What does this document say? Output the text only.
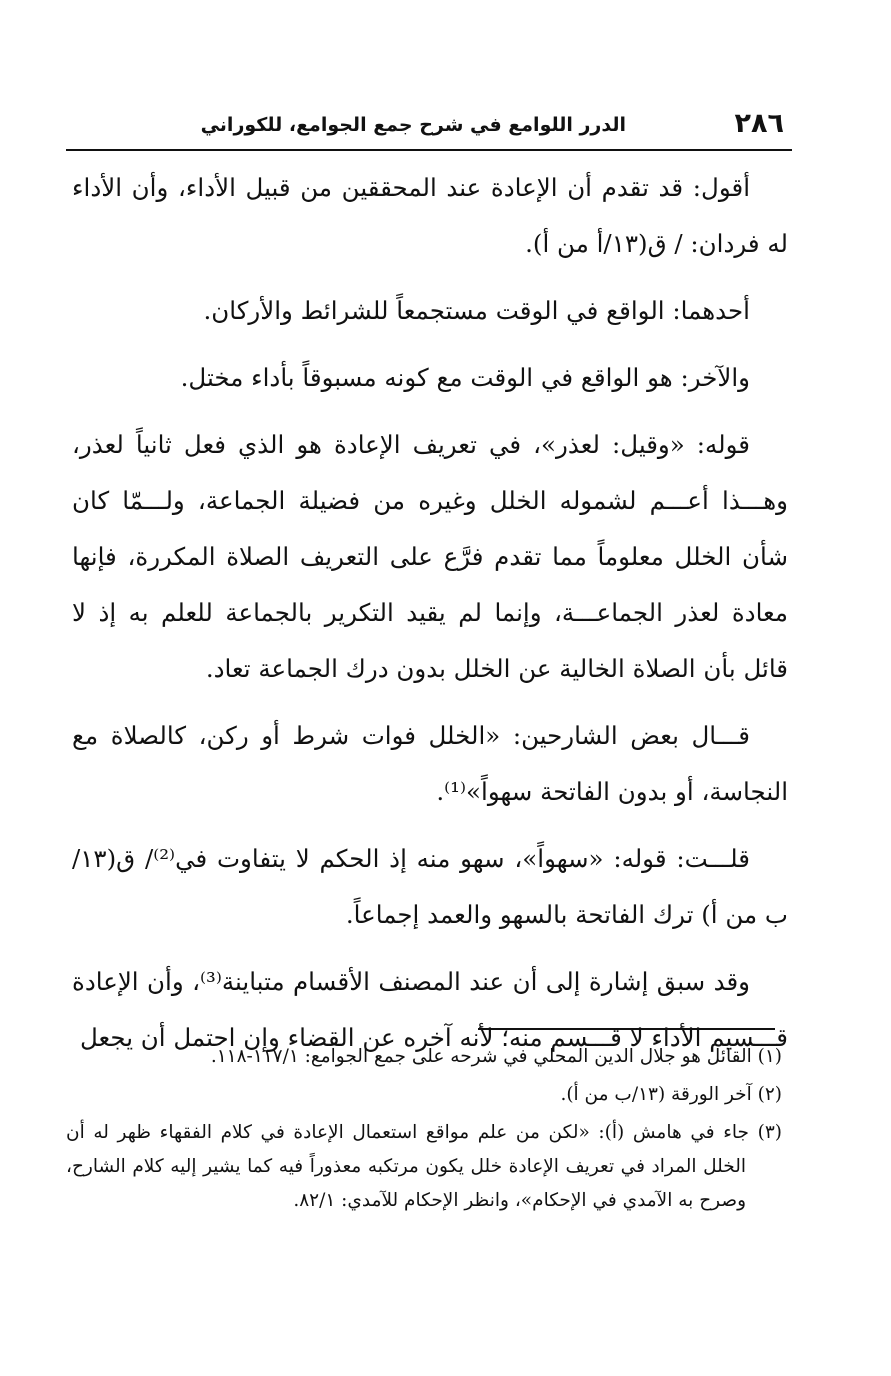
٢٨٦
الدرر اللوامع في شرح جمع الجوامع، للكوراني

أقول: قد تقدم أن الإعادة عند المحققين من قبيل الأداء، وأن الأداء له فردان: / ق(١٣/أ من أ).

أحدهما: الواقع في الوقت مستجمعاً للشرائط والأركان.

والآخر: هو الواقع في الوقت مع كونه مسبوقاً بأداء مختل.

قوله: «وقيل: لعذر»، في تعريف الإعادة هو الذي فعل ثانياً لعذر، وهـــذا أعـــم لشموله الخلل وغيره من فضيلة الجماعة، ولـــمّا كان شأن الخلل معلوماً مما تقدم فرَّع على التعريف الصلاة المكررة، فإنها معادة لعذر الجماعـــة، وإنما لم يقيد التكرير بالجماعة للعلم به إذ لا قائل بأن الصلاة الخالية عن الخلل بدون درك الجماعة تعاد.

قـــال بعض الشارحين: «الخلل فوات شرط أو ركن، كالصلاة مع النجاسة، أو بدون الفاتحة سهواً»⁽¹⁾.

قلـــت: قوله: «سهواً»، سهو منه إذ الحكم لا يتفاوت في⁽²⁾/ ق(١٣/ب من أ) ترك الفاتحة بالسهو والعمد إجماعاً.

وقد سبق إشارة إلى أن عند المصنف الأقسام متباينة⁽³⁾، وأن الإعادة قـــسيم الأداء لا قـــسم منه؛ لأنه آخره عن القضاء وإن احتمل أن يجعل

(١) القائل هو جلال الدين المحلي في شرحه على جمع الجوامع: ١١٧/١-١١٨.

(٢) آخر الورقة (١٣/ب من أ).

(٣) جاء في هامش (أ): «لكن من علم مواقع استعمال الإعادة في كلام الفقهاء ظهر له أن الخلل المراد في تعريف الإعادة خلل يكون مرتكبه معذوراً فيه كما يشير إليه كلام الشارح، وصرح به الآمدي في الإحكام»، وانظر الإحكام للآمدي: ٨٢/١.
